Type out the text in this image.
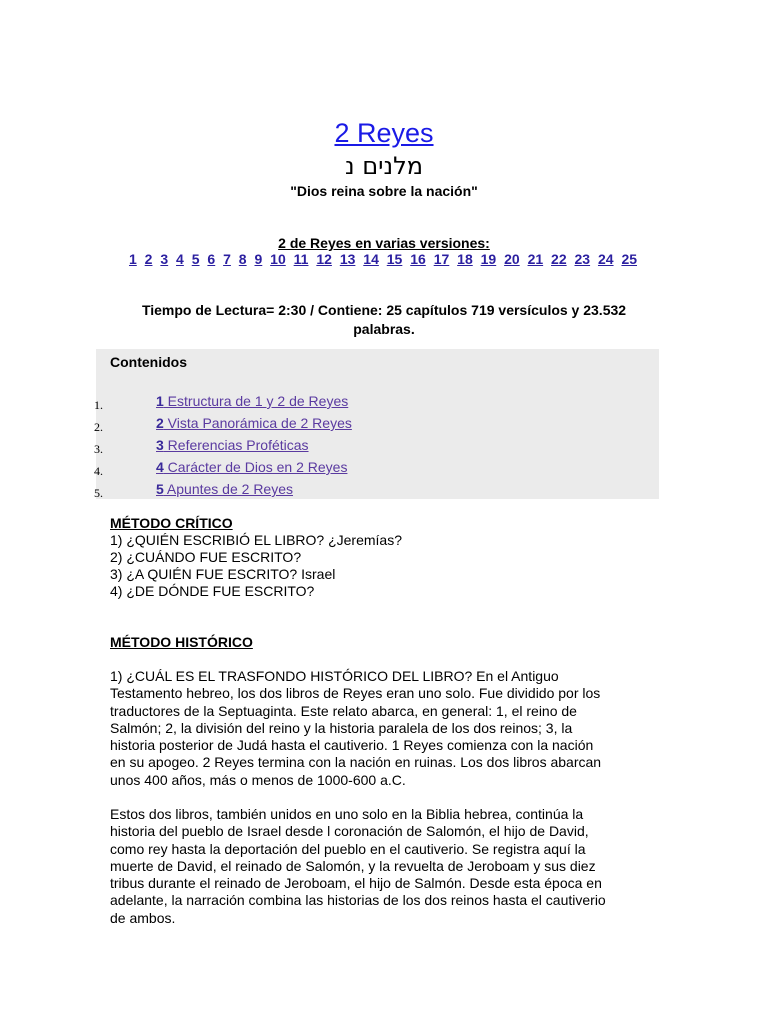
2 Reyes
מלנים נ
"Dios reina sobre la nación"
2 de Reyes en varias versiones:
1 2 3 4 5 6 7 8 9 10 11 12 13 14 15 16 17 18 19 20 21 22 23 24 25
Tiempo de Lectura= 2:30 / Contiene: 25 capítulos 719 versículos y 23.532
palabras.
Contenidos
1.	1 Estructura de 1 y 2 de Reyes
2.	2 Vista Panorámica de 2 Reyes
3.	3 Referencias Proféticas
4.	4 Carácter de Dios en 2 Reyes
5.	5 Apuntes de 2 Reyes
MÉTODO CRÍTICO
1) ¿QUIÉN ESCRIBIÓ EL LIBRO? ¿Jeremías?
2) ¿CUÁNDO FUE ESCRITO?
3) ¿A QUIÉN FUE ESCRITO? Israel
4) ¿DE DÓNDE FUE ESCRITO?
MÉTODO HISTÓRICO
1) ¿CUÁL ES EL TRASFONDO HISTÓRICO DEL LIBRO? En el Antiguo
Testamento hebreo, los dos libros de Reyes eran uno solo. Fue dividido por los
traductores de la Septuaginta. Este relato abarca, en general: 1, el reino de
Salmón; 2, la división del reino y la historia paralela de los dos reinos; 3, la
historia posterior de Judá hasta el cautiverio. 1 Reyes comienza con la nación
en su apogeo. 2 Reyes termina con la nación en ruinas. Los dos libros abarcan
unos 400 años, más o menos de 1000-600 a.C.
Estos dos libros, también unidos en uno solo en la Biblia hebrea, continúa la
historia del pueblo de Israel desde l coronación de Salomón, el hijo de David,
como rey hasta la deportación del pueblo en el cautiverio. Se registra aquí la
muerte de David, el reinado de Salomón, y la revuelta de Jeroboam y sus diez
tribus durante el reinado de Jeroboam, el hijo de Salmón. Desde esta época en
adelante, la narración combina las historias de los dos reinos hasta el cautiverio
de ambos.
